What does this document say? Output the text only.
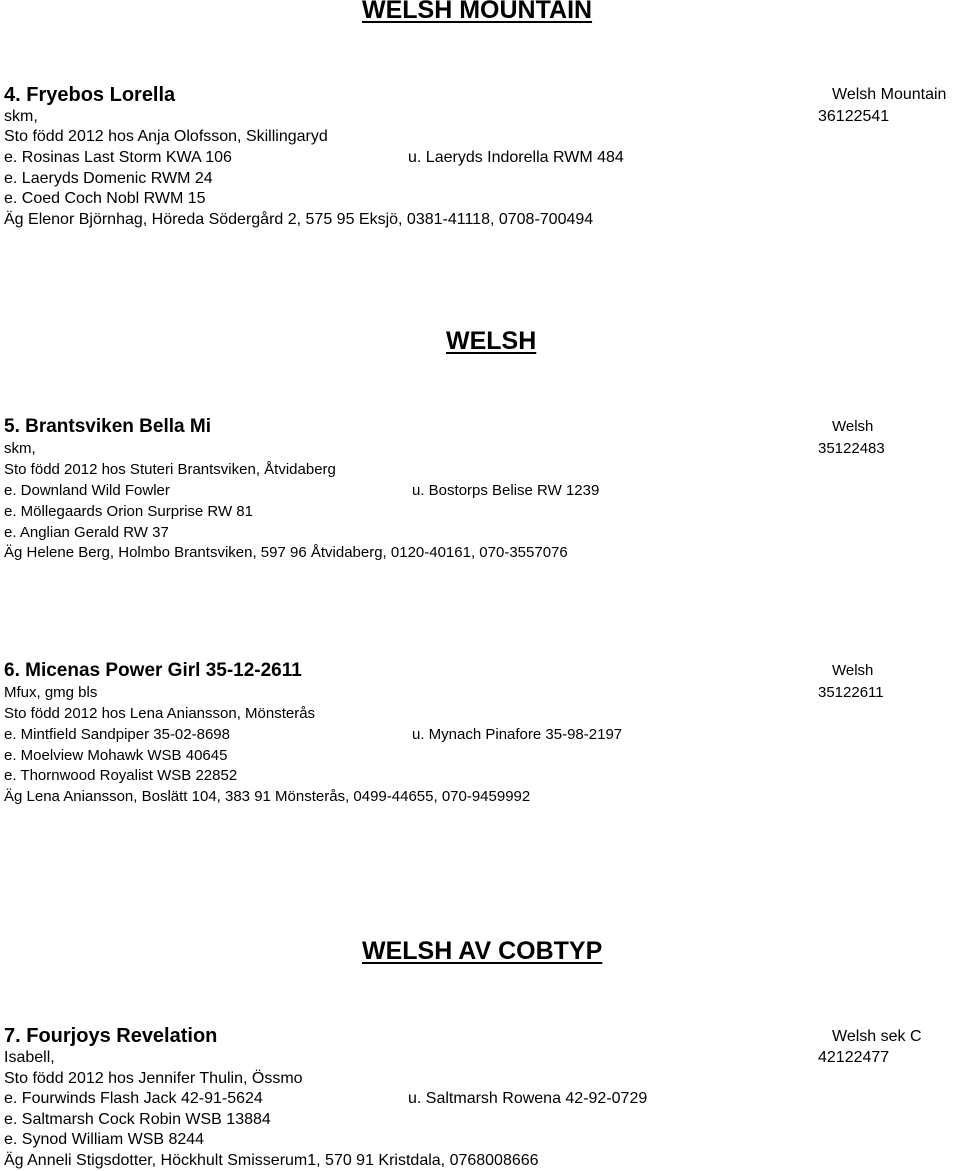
WELSH MOUNTAIN
4. Fryebos Lorella	Welsh Mountain
skm,	36122541
Sto född 2012 hos Anja Olofsson, Skillingaryd
e. Rosinas Last Storm KWA 106	u. Laeryds Indorella RWM 484
e. Laeryds Domenic RWM 24
e. Coed Coch Nobl RWM 15
Äg Elenor Björnhag, Höreda Södergård 2, 575 95 Eksjö, 0381-41118, 0708-700494
WELSH
5. Brantsviken Bella Mi	Welsh
skm,	35122483
Sto född 2012 hos Stuteri Brantsviken, Åtvidaberg
e. Downland Wild Fowler	u. Bostorps Belise RW 1239
e. Möllegaards Orion Surprise RW 81
e. Anglian Gerald RW 37
Äg Helene Berg, Holmbo Brantsviken, 597 96 Åtvidaberg, 0120-40161, 070-3557076
6. Micenas Power Girl 35-12-2611	Welsh
Mfux, gmg bls	35122611
Sto född 2012 hos Lena Aniansson, Mönsterås
e. Mintfield Sandpiper 35-02-8698	u. Mynach Pinafore 35-98-2197
e. Moelview Mohawk WSB 40645
e. Thornwood Royalist WSB 22852
Äg Lena Aniansson, Boslätt 104, 383 91 Mönsterås, 0499-44655, 070-9459992
WELSH AV COBTYP
7. Fourjoys Revelation	Welsh sek C
Isabell,	42122477
Sto född 2012 hos Jennifer Thulin, Össmo
e. Fourwinds Flash Jack 42-91-5624	u. Saltmarsh Rowena 42-92-0729
e. Saltmarsh Cock Robin WSB 13884
e. Synod William WSB 8244
Äg Anneli Stigsdotter, Höckhult Smisserum1, 570 91 Kristdala, 0768008666
